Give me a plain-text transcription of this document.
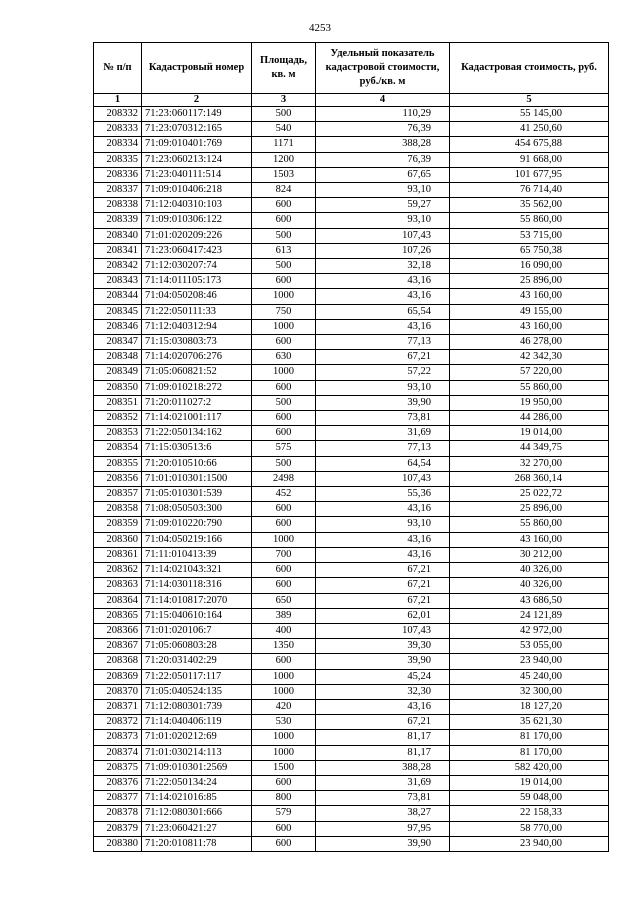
4253
№ п/п	Кадастровый номер	Площадь, кв. м	Удельный показатель кадастровой стоимости, руб./кв. м	Кадастровая стоимость, руб.
1	2	3	4	5
208332	71:23:060117:149	500	110,29	55 145,00
208333	71:23:070312:165	540	76,39	41 250,60
208334	71:09:010401:769	1171	388,28	454 675,88
208335	71:23:060213:124	1200	76,39	91 668,00
208336	71:23:040111:514	1503	67,65	101 677,95
208337	71:09:010406:218	824	93,10	76 714,40
208338	71:12:040310:103	600	59,27	35 562,00
208339	71:09:010306:122	600	93,10	55 860,00
208340	71:01:020209:226	500	107,43	53 715,00
208341	71:23:060417:423	613	107,26	65 750,38
208342	71:12:030207:74	500	32,18	16 090,00
208343	71:14:011105:173	600	43,16	25 896,00
208344	71:04:050208:46	1000	43,16	43 160,00
208345	71:22:050111:33	750	65,54	49 155,00
208346	71:12:040312:94	1000	43,16	43 160,00
208347	71:15:030803:73	600	77,13	46 278,00
208348	71:14:020706:276	630	67,21	42 342,30
208349	71:05:060821:52	1000	57,22	57 220,00
208350	71:09:010218:272	600	93,10	55 860,00
208351	71:20:011027:2	500	39,90	19 950,00
208352	71:14:021001:117	600	73,81	44 286,00
208353	71:22:050134:162	600	31,69	19 014,00
208354	71:15:030513:6	575	77,13	44 349,75
208355	71:20:010510:66	500	64,54	32 270,00
208356	71:01:010301:1500	2498	107,43	268 360,14
208357	71:05:010301:539	452	55,36	25 022,72
208358	71:08:050503:300	600	43,16	25 896,00
208359	71:09:010220:790	600	93,10	55 860,00
208360	71:04:050219:166	1000	43,16	43 160,00
208361	71:11:010413:39	700	43,16	30 212,00
208362	71:14:021043:321	600	67,21	40 326,00
208363	71:14:030118:316	600	67,21	40 326,00
208364	71:14:010817:2070	650	67,21	43 686,50
208365	71:15:040610:164	389	62,01	24 121,89
208366	71:01:020106:7	400	107,43	42 972,00
208367	71:05:060803:28	1350	39,30	53 055,00
208368	71:20:031402:29	600	39,90	23 940,00
208369	71:22:050117:117	1000	45,24	45 240,00
208370	71:05:040524:135	1000	32,30	32 300,00
208371	71:12:080301:739	420	43,16	18 127,20
208372	71:14:040406:119	530	67,21	35 621,30
208373	71:01:020212:69	1000	81,17	81 170,00
208374	71:01:030214:113	1000	81,17	81 170,00
208375	71:09:010301:2569	1500	388,28	582 420,00
208376	71:22:050134:24	600	31,69	19 014,00
208377	71:14:021016:85	800	73,81	59 048,00
208378	71:12:080301:666	579	38,27	22 158,33
208379	71:23:060421:27	600	97,95	58 770,00
208380	71:20:010811:78	600	39,90	23 940,00
